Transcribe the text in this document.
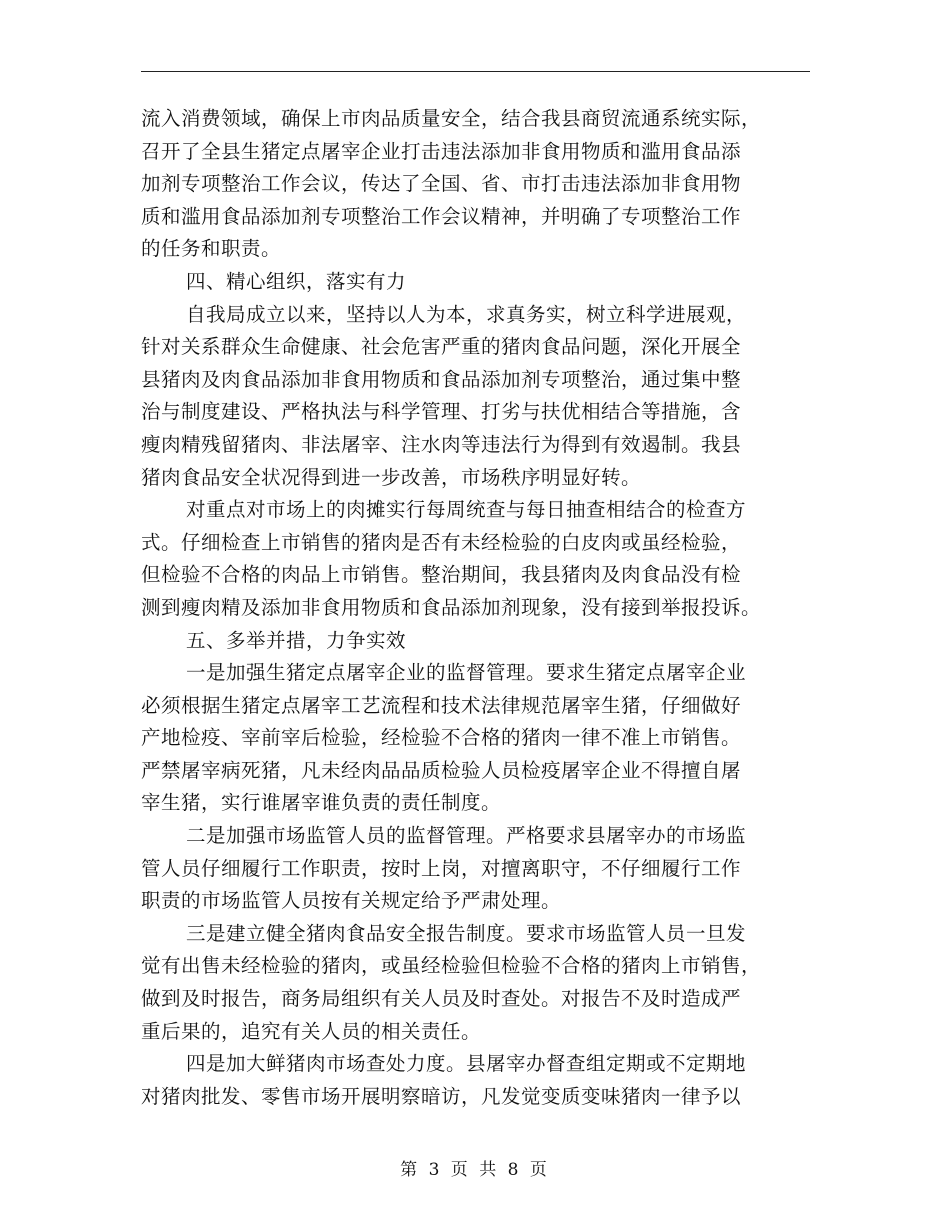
流入消费领域，确保上市肉品质量安全，结合我县商贸流通系统实际，
召开了全县生猪定点屠宰企业打击违法添加非食用物质和滥用食品添
加剂专项整治工作会议，传达了全国、省、市打击违法添加非食用物
质和滥用食品添加剂专项整治工作会议精神，并明确了专项整治工作
的任务和职责。

四、精心组织，落实有力

自我局成立以来，坚持以人为本，求真务实，树立科学进展观，
针对关系群众生命健康、社会危害严重的猪肉食品问题，深化开展全
县猪肉及肉食品添加非食用物质和食品添加剂专项整治，通过集中整
治与制度建设、严格执法与科学管理、打劣与扶优相结合等措施，含
瘦肉精残留猪肉、非法屠宰、注水肉等违法行为得到有效遏制。我县
猪肉食品安全状况得到进一步改善，市场秩序明显好转。

对重点对市场上的肉摊实行每周统查与每日抽查相结合的检查方
式。仔细检查上市销售的猪肉是否有未经检验的白皮肉或虽经检验，
但检验不合格的肉品上市销售。整治期间，我县猪肉及肉食品没有检
测到瘦肉精及添加非食用物质和食品添加剂现象，没有接到举报投诉。

五、多举并措，力争实效

一是加强生猪定点屠宰企业的监督管理。要求生猪定点屠宰企业
必须根据生猪定点屠宰工艺流程和技术法律规范屠宰生猪，仔细做好
产地检疫、宰前宰后检验，经检验不合格的猪肉一律不准上市销售。
严禁屠宰病死猪，凡未经肉品品质检验人员检疫屠宰企业不得擅自屠
宰生猪，实行谁屠宰谁负责的责任制度。

二是加强市场监管人员的监督管理。严格要求县屠宰办的市场监
管人员仔细履行工作职责，按时上岗，对擅离职守，不仔细履行工作
职责的市场监管人员按有关规定给予严肃处理。

三是建立健全猪肉食品安全报告制度。要求市场监管人员一旦发
觉有出售未经检验的猪肉，或虽经检验但检验不合格的猪肉上市销售，
做到及时报告，商务局组织有关人员及时查处。对报告不及时造成严
重后果的，追究有关人员的相关责任。

四是加大鲜猪肉市场查处力度。县屠宰办督查组定期或不定期地
对猪肉批发、零售市场开展明察暗访，凡发觉变质变味猪肉一律予以

第 3 页 共 8 页
